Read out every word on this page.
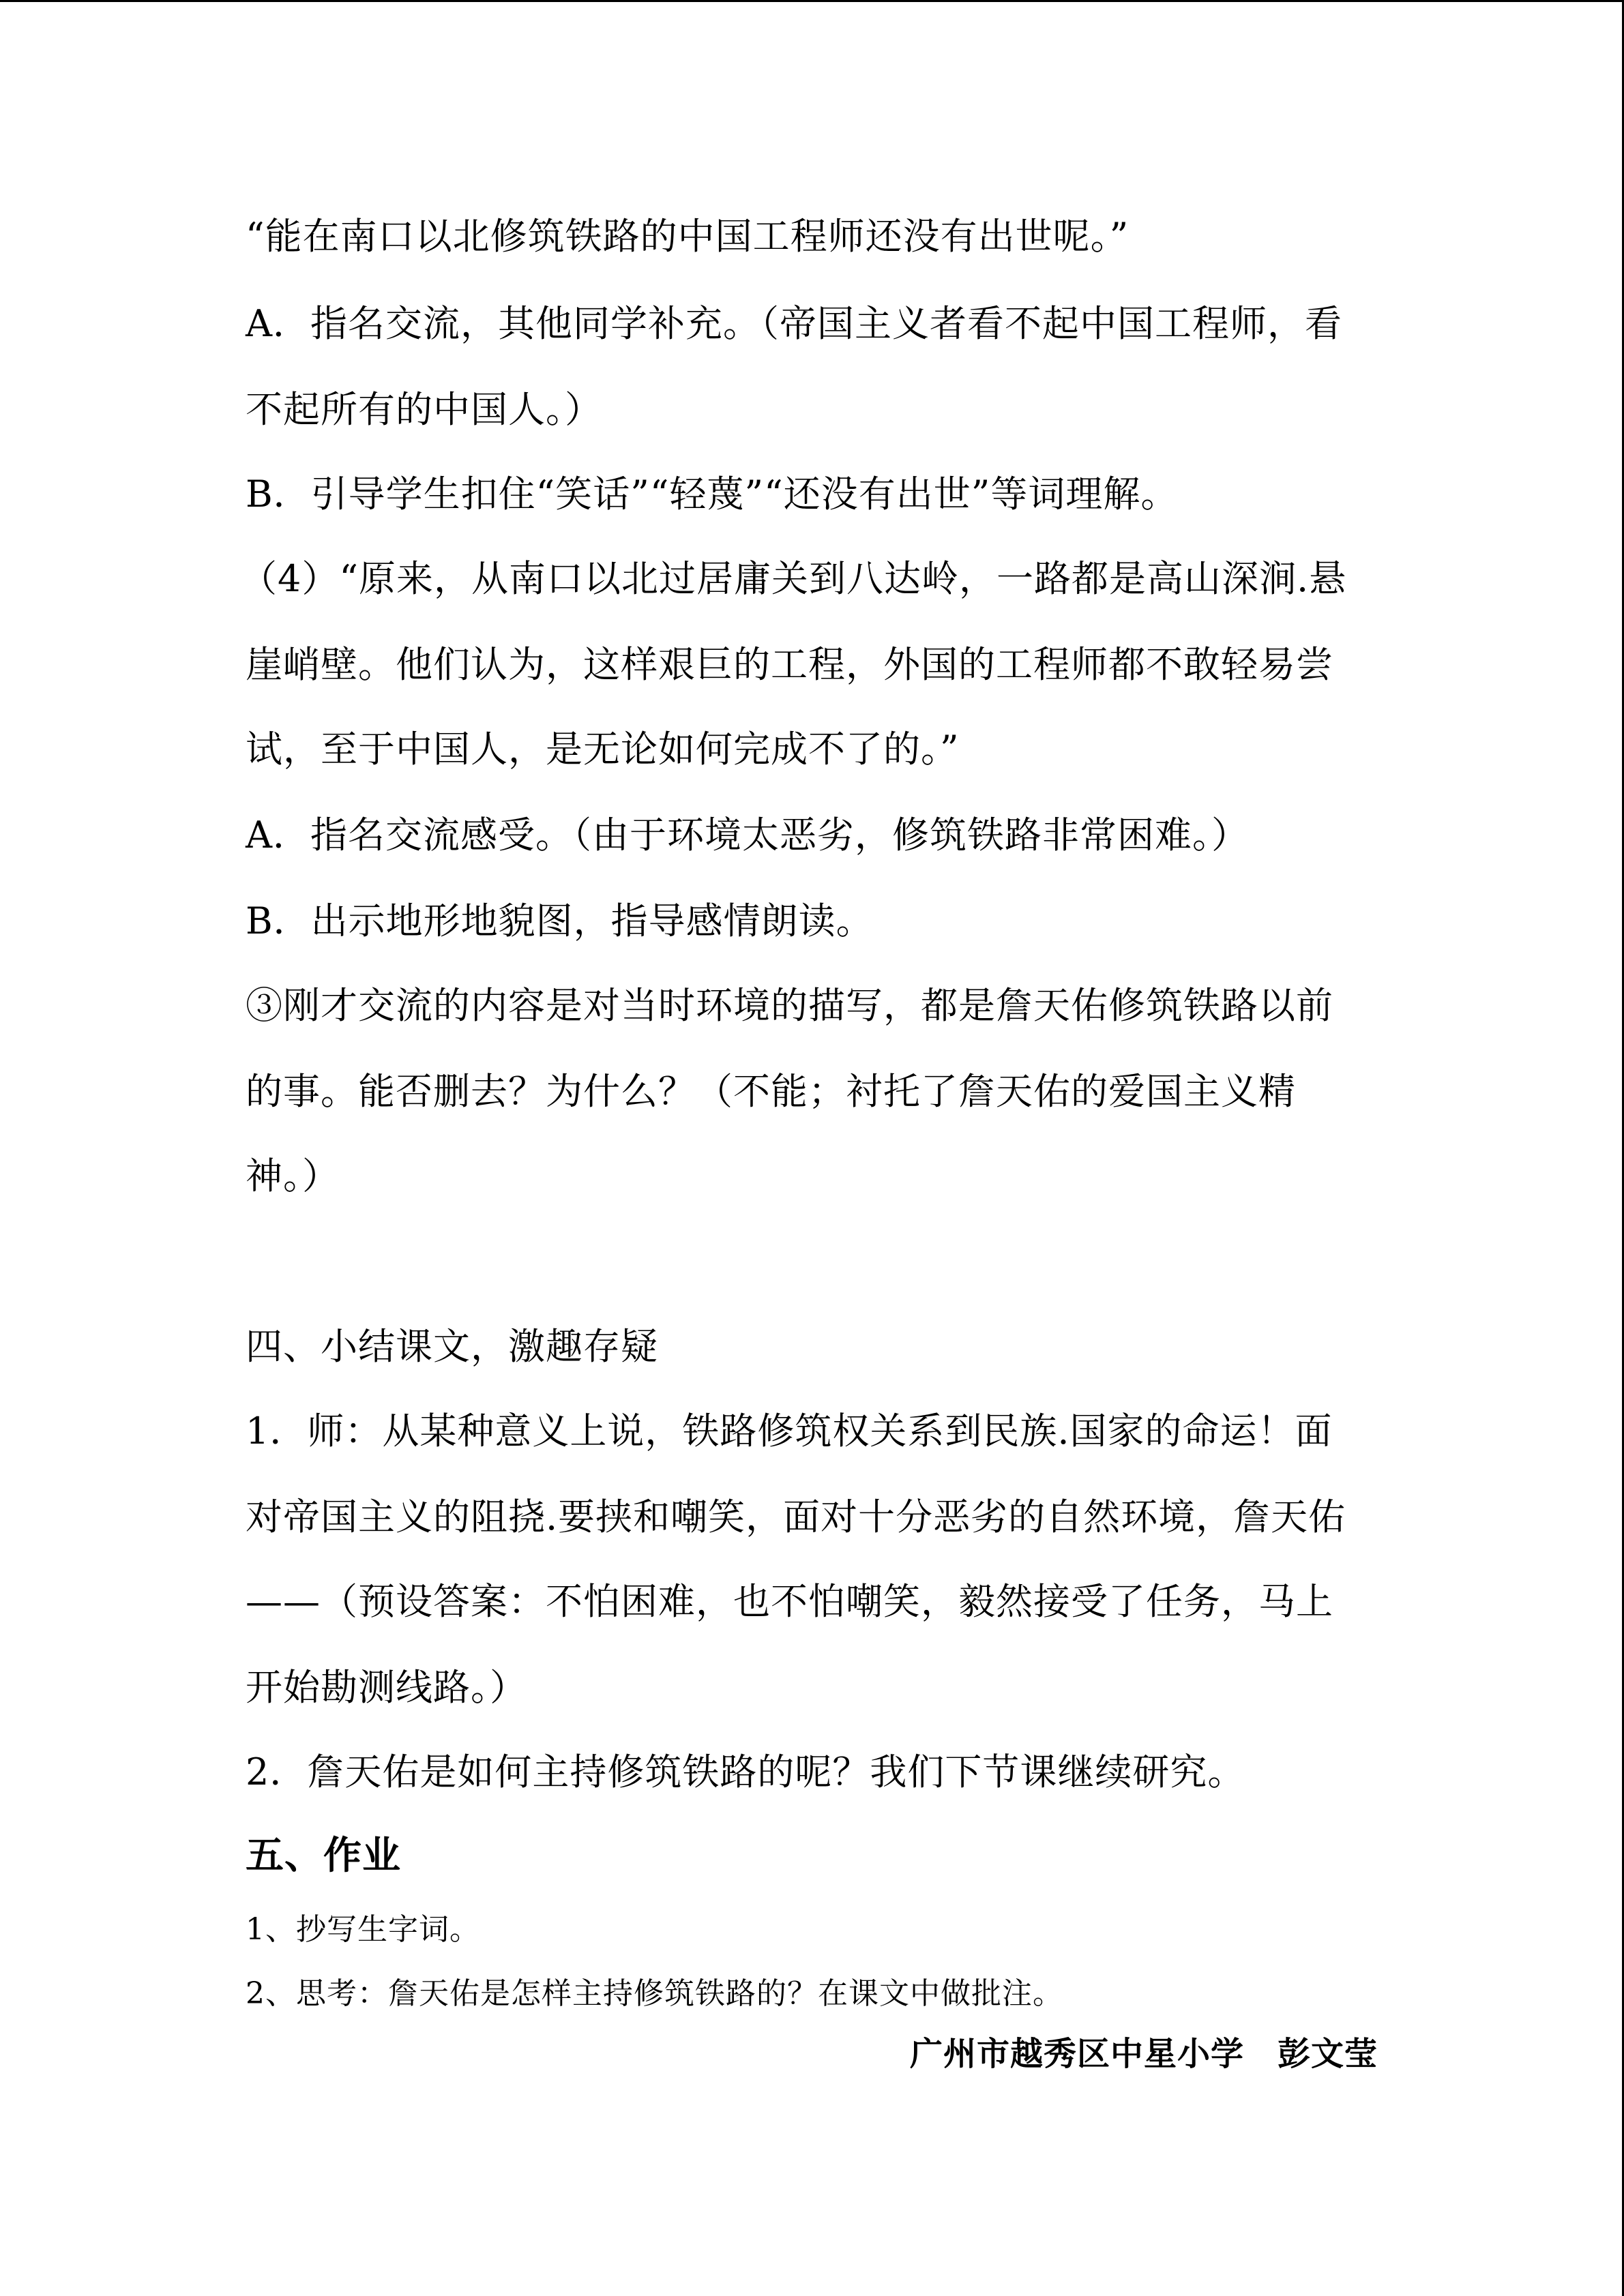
“能在南口以北修筑铁路的中国工程师还没有出世呢。”
A．指名交流，其他同学补充。（帝国主义者看不起中国工程师，看
不起所有的中国人。）
B．引导学生扣住“笑话”“轻蔑”“还没有出世”等词理解。
（4）“原来，从南口以北过居庸关到八达岭，一路都是高山深涧.悬
崖峭壁。他们认为，这样艰巨的工程，外国的工程师都不敢轻易尝
试，至于中国人，是无论如何完成不了的。”
A．指名交流感受。（由于环境太恶劣，修筑铁路非常困难。）
B．出示地形地貌图，指导感情朗读。
③刚才交流的内容是对当时环境的描写，都是詹天佑修筑铁路以前
的事。能否删去？为什么？（不能；衬托了詹天佑的爱国主义精
神。）
四、小结课文，激趣存疑
1．师：从某种意义上说，铁路修筑权关系到民族.国家的命运！面
对帝国主义的阻挠.要挟和嘲笑，面对十分恶劣的自然环境，詹天佑
——（预设答案：不怕困难，也不怕嘲笑，毅然接受了任务，马上
开始勘测线路。）
2．詹天佑是如何主持修筑铁路的呢？我们下节课继续研究。
五、作业
1、抄写生字词。
2、思考：詹天佑是怎样主持修筑铁路的？在课文中做批注。
广州市越秀区中星小学　彭文莹
